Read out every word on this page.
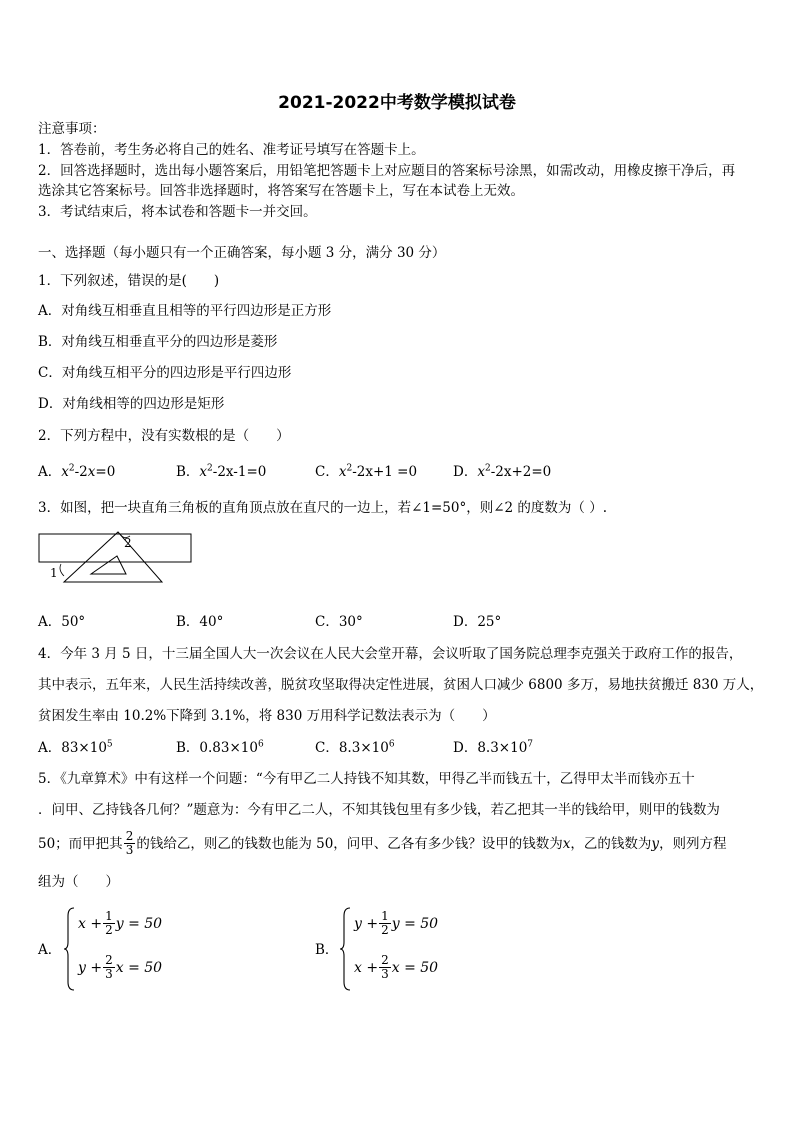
2021-2022中考数学模拟试卷
注意事项：
1．答卷前，考生务必将自己的姓名、准考证号填写在答题卡上。
2．回答选择题时，选出每小题答案后，用铅笔把答题卡上对应题目的答案标号涂黑，如需改动，用橡皮擦干净后，再
选涂其它答案标号。回答非选择题时，将答案写在答题卡上，写在本试卷上无效。
3．考试结束后，将本试卷和答题卡一并交回。
一、选择题（每小题只有一个正确答案，每小题 3 分，满分 30 分）
1．下列叙述，错误的是(　　)
A．对角线互相垂直且相等的平行四边形是正方形
B．对角线互相垂直平分的四边形是菱形
C．对角线互相平分的四边形是平行四边形
D．对角线相等的四边形是矩形
2．下列方程中，没有实数根的是（　　）
A．$x^2-2x=0$	B．$x^2-2x-1=0$	C．$x^2-2x+1 =0$	D．$x^2-2x+2=0$
3．如图，把一块直角三角板的直角顶点放在直尺的一边上，若∠1=50°，则∠2 的度数为（ ）.
1
2
A．50°	B．40°	C．30°	D．25°
4．今年 3 月 5 日，十三届全国人大一次会议在人民大会堂开幕，会议听取了国务院总理李克强关于政府工作的报告，
其中表示，五年来，人民生活持续改善，脱贫攻坚取得决定性进展，贫困人口减少 6800 多万，易地扶贫搬迁 830 万人，
贫困发生率由 10.2%下降到 3.1%，将 830 万用科学记数法表示为（　　）
A．$83\times 10^5$	B．$0.83\times 10^6$	C．$8.3\times 10^6$	D．$8.3\times 10^7$
5．《九章算术》中有这样一个问题：“今有甲乙二人持钱不知其数，甲得乙半而钱五十，乙得甲太半而钱亦五十
．问甲、乙持钱各几何？”题意为：今有甲乙二人，不知其钱包里有多少钱，若乙把其一半的钱给甲，则甲的钱数为
50；而甲把其 $\frac{2}{3}$ 的钱给乙，则乙的钱数也能为 50，问甲、乙各有多少钱？设甲的钱数为 x ，乙的钱数为 y ，则列方程
组为（　　）
A．
$x + \frac{1}{2}$ y = 50
$y + \frac{2}{3}$ x = 50
B．
$y + \frac{1}{2}$ y = 50
$x + \frac{2}{3}$ x = 50
